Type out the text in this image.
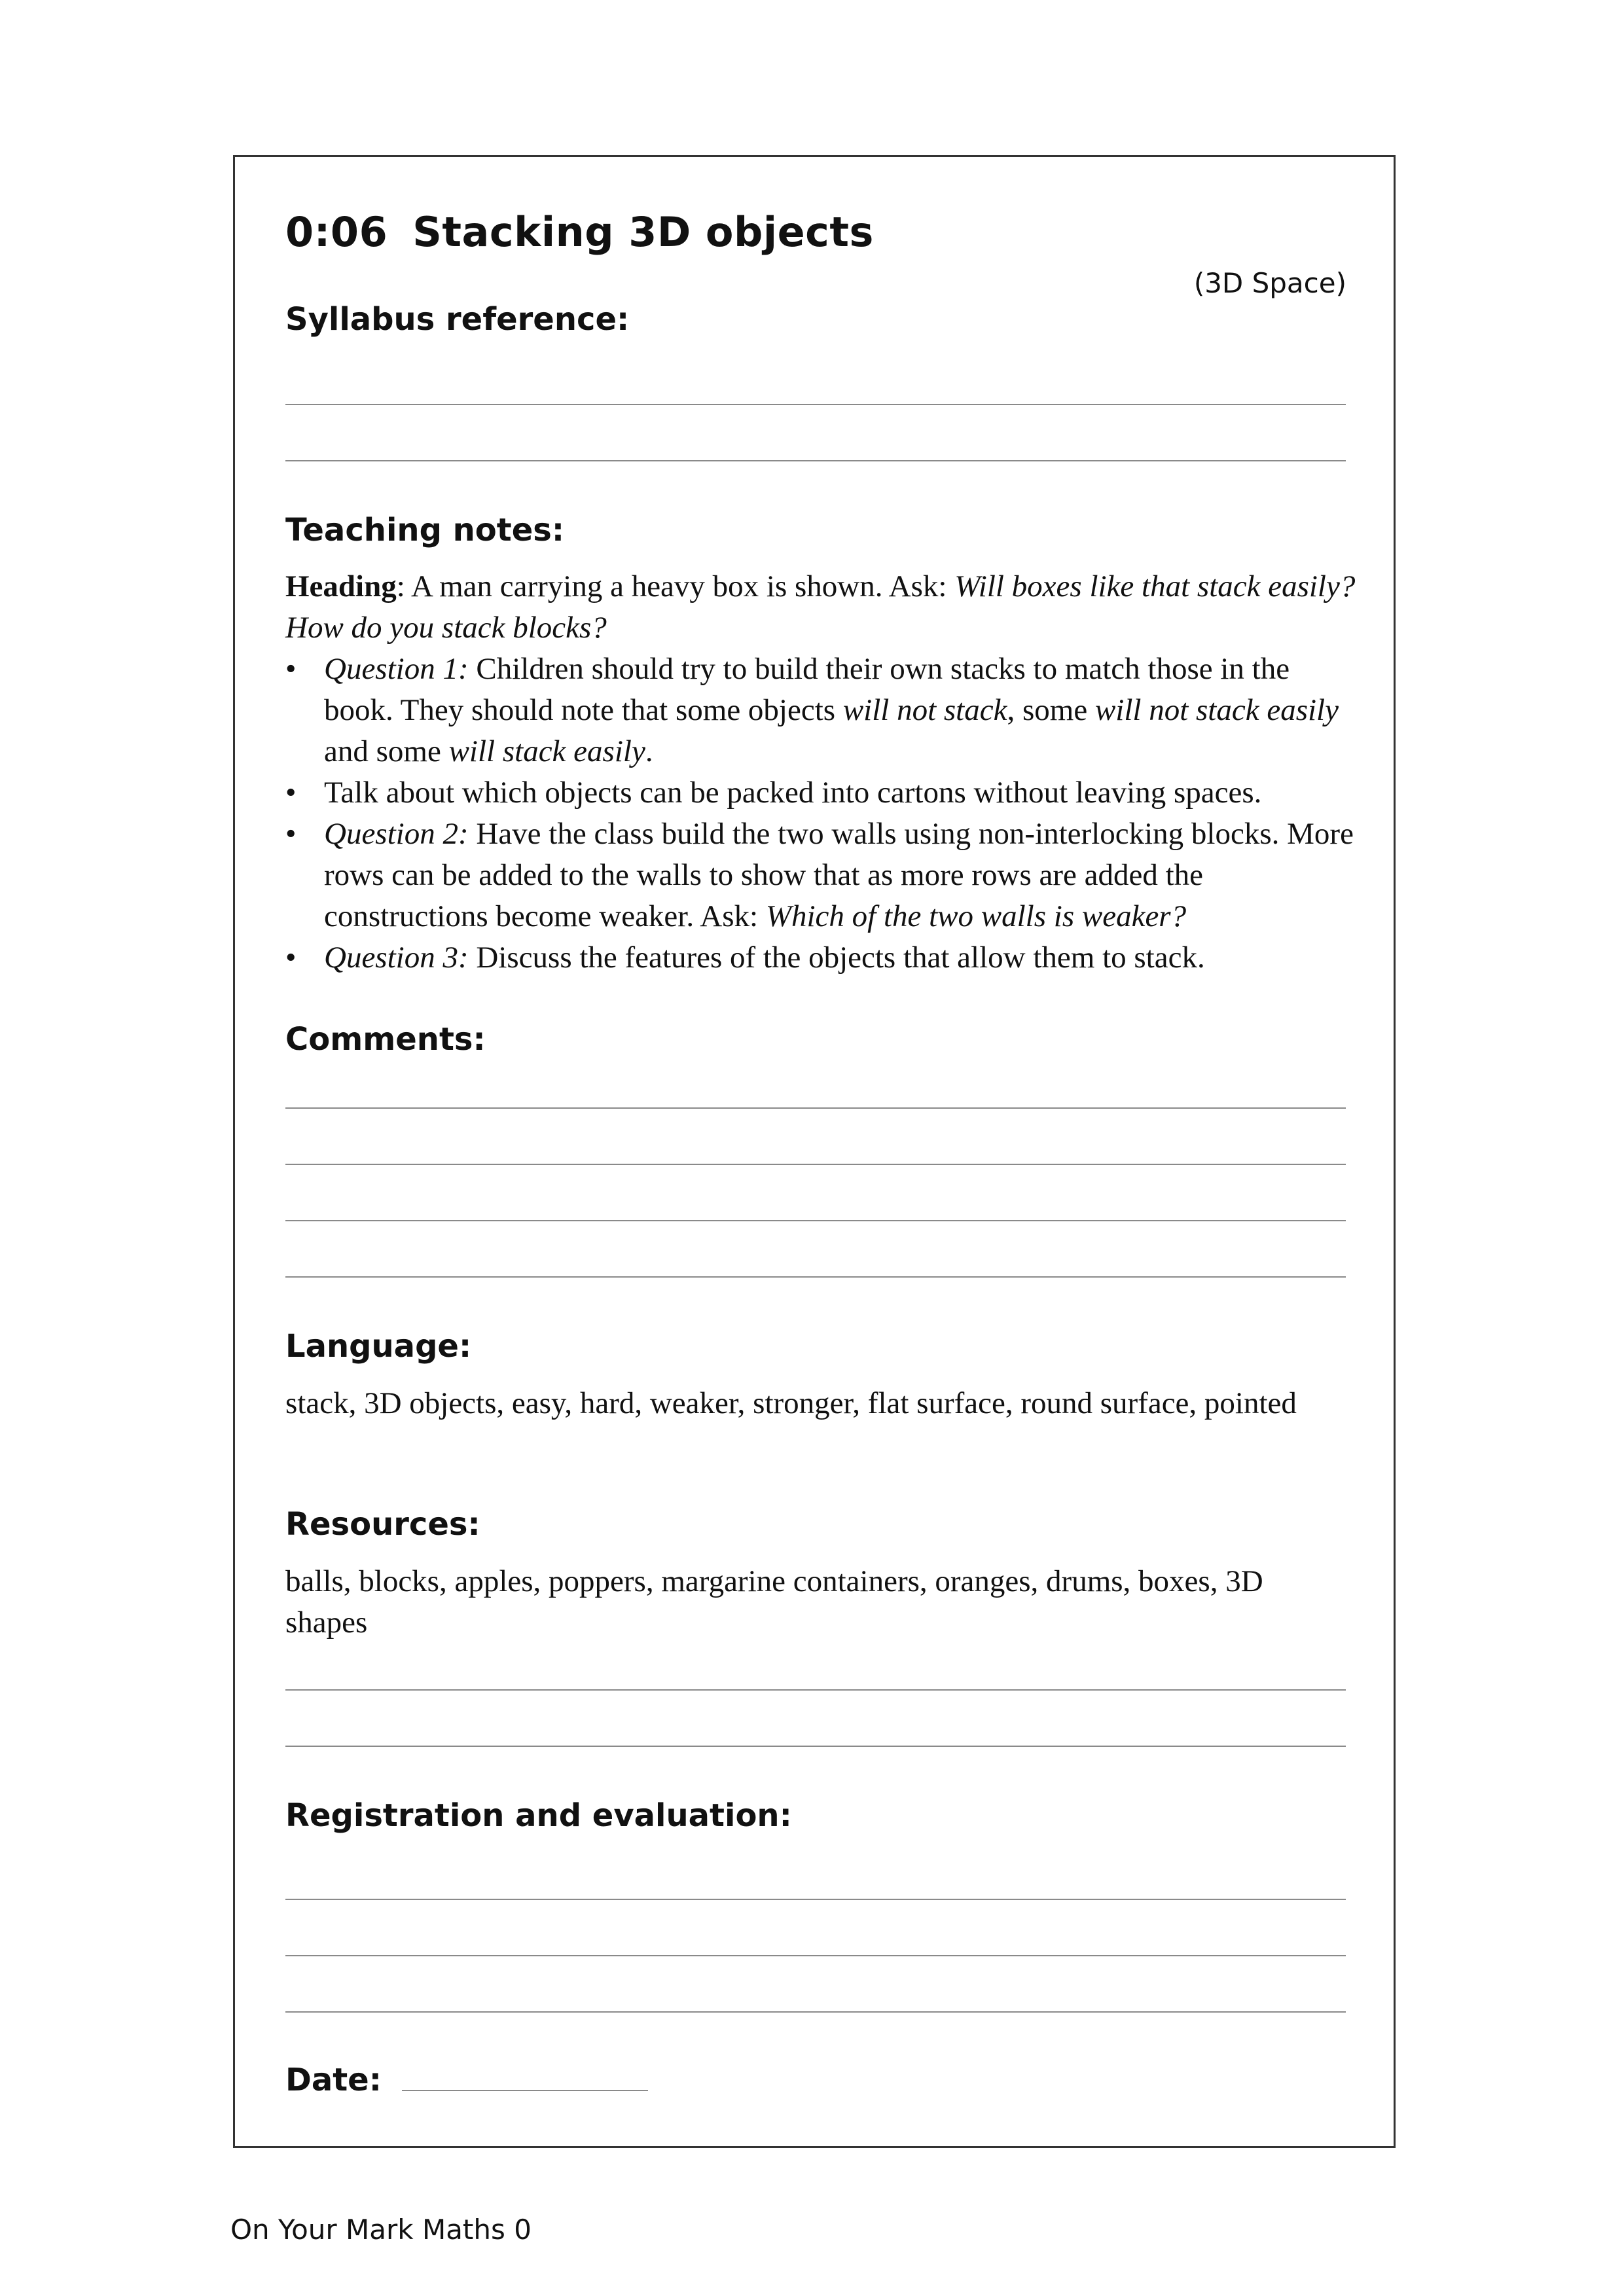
0:06 Stacking 3D objects
(3D Space)
Syllabus reference:
Teaching notes:

Heading: A man carrying a heavy box is shown. Ask: Will boxes like that stack easily? How do you stack blocks?

• Question 1: Children should try to build their own stacks to match those in the book. They should note that some objects will not stack, some will not stack easily and some will stack easily.
• Talk about which objects can be packed into cartons without leaving spaces.
• Question 2: Have the class build the two walls using non-interlocking blocks. More rows can be added to the walls to show that as more rows are added the constructions become weaker. Ask: Which of the two walls is weaker?
• Question 3: Discuss the features of the objects that allow them to stack.
Comments:
Language:
stack, 3D objects, easy, hard, weaker, stronger, flat surface, round surface, pointed
Resources:
balls, blocks, apples, poppers, margarine containers, oranges, drums, boxes, 3D shapes
Registration and evaluation:
Date:
On Your Mark Maths 0
